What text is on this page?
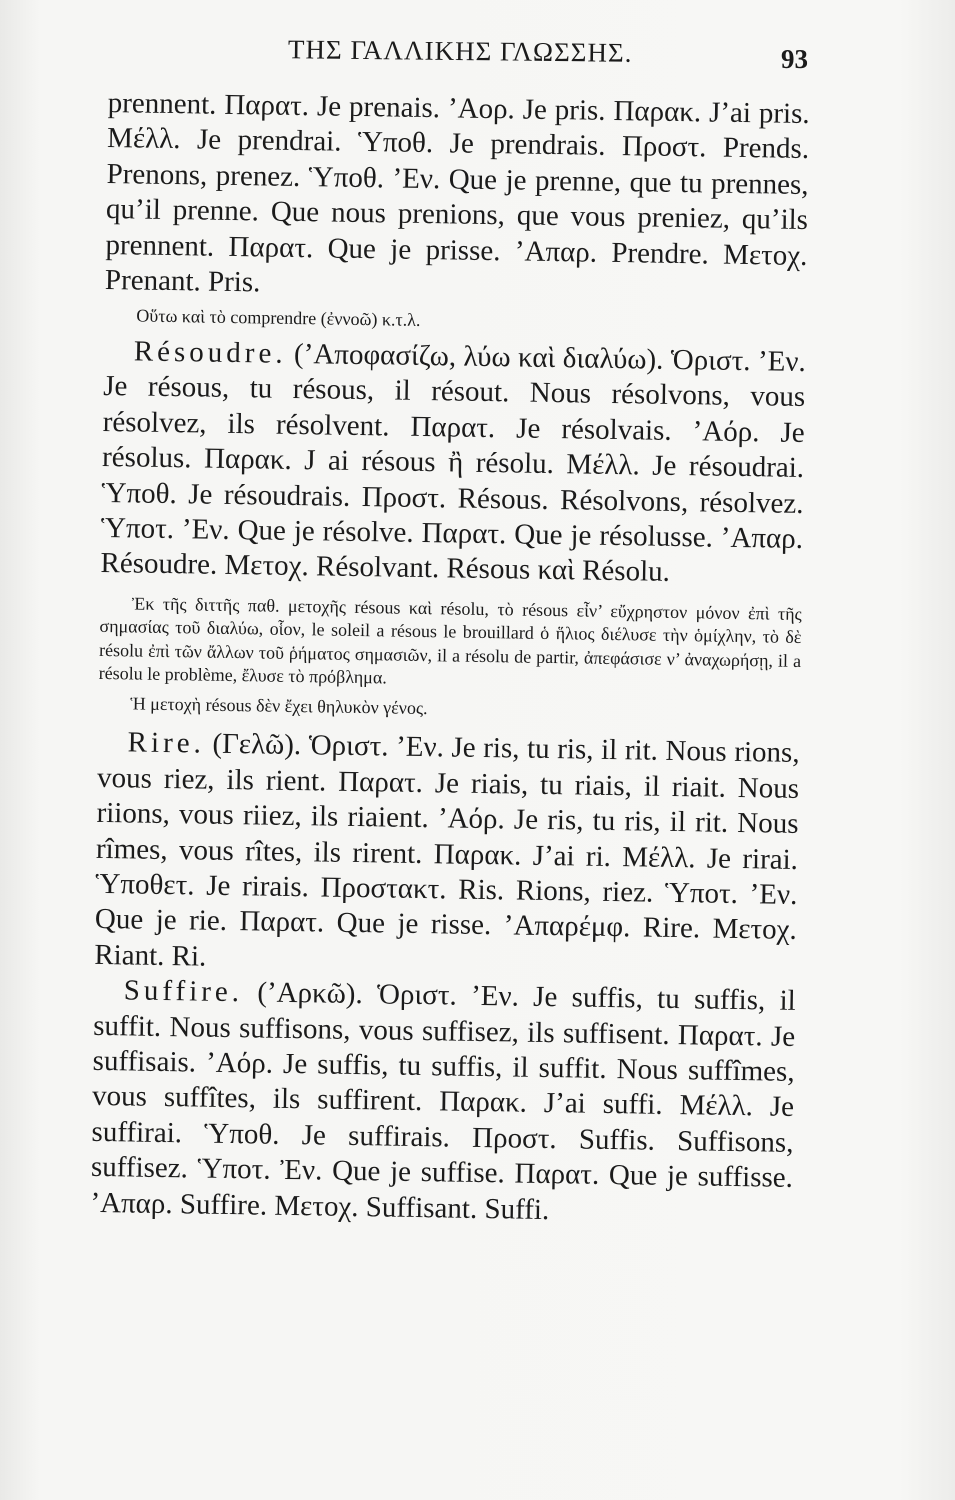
ΤΗΣ ΓΑΛΛΙΚΗΣ ΓΛΩΣΣΗΣ.	93

prennent. Παρατ. Je prenais. ’Αορ. Je pris. Παρακ. J’ai pris. Μέλλ. Je prendrai. Ὑποθ. Je prendrais. Προστ. Prends. Prenons, prenez. Ὑποθ. ’Εν. Que je prenne, que tu prennes, qu’il prenne. Que nous prenions, que vous preniez, qu’ils prennent. Παρατ. Que je prisse. ’Απαρ. Prendre. Μετοχ. Prenant. Pris.

Οὕτω καὶ τὸ comprendre (ἐννοῶ) κ.τ.λ.

Résoudre. (’Αποφασίζω, λύω καὶ διαλύω). Ὁριστ. ’Εν. Je résous, tu résous, il résout. Nous résolvons, vous résolvez, ils résolvent. Παρατ. Je résolvais. ’Αόρ. Je résolus. Παρακ. J ai résous ἢ résolu. Μέλλ. Je résoudrai. Ὑποθ. Je résoudrais. Προστ. Résous. Résolvons, résolvez. Ὑποτ. ’Εν. Que je résolve. Παρατ. Que je résolusse. ’Απαρ. Résoudre. Μετοχ. Résolvant. Résous καὶ Résolu.

Ἐκ τῆς διττῆς παθ. μετοχῆς résous καὶ résolu, τὸ résous εἶν’ εὔχρηστον μόνον ἐπὶ τῆς σημασίας τοῦ διαλύω, οἷον, le soleil a résous le brouillard ὁ ἥλιος διέλυσε τὴν ὁμίχλην, τὸ δὲ résolu ἐπὶ τῶν ἄλλων τοῦ ῥήματος σημασιῶν, il a résolu de partir, ἀπεφάσισε ν’ ἀναχωρήσῃ, il a résolu le problème, ἔλυσε τὸ πρόβλημα.

Ἡ μετοχὴ résous δὲν ἔχει θηλυκὸν γένος.

Rire. (Γελῶ). Ὁριστ. ’Εν. Je ris, tu ris, il rit. Nous rions, vous riez, ils rient. Παρατ. Je riais, tu riais, il riait. Nous riions, vous riiez, ils riaient. ’Αόρ. Je ris, tu ris, il rit. Nous rîmes, vous rîtes, ils rirent. Παρακ. J’ai ri. Μέλλ. Je rirai. Ὑποθετ. Je rirais. Προστακτ. Ris. Rions, riez. Ὑποτ. ’Εν. Que je rie. Παρατ. Que je risse. ’Απαρέμφ. Rire. Μετοχ. Riant. Ri.

Suffire. (’Αρκῶ). Ὁριστ. ’Εν. Je suffis, tu suffis, il suffit. Nous suffisons, vous suffisez, ils suffisent. Παρατ. Je suffisais. ’Αόρ. Je suffis, tu suffis, il suffit. Nous suffîmes, vous suffîtes, ils suffirent. Παρακ. J’ai suffi. Μέλλ. Je suffirai. Ὑποθ. Je suffirais. Προστ. Suffis. Suffisons, suffisez. Ὑποτ. Ἐν. Que je suffise. Παρατ. Que je suffisse. ’Απαρ. Suffire. Μετοχ. Suffisant. Suffi.
